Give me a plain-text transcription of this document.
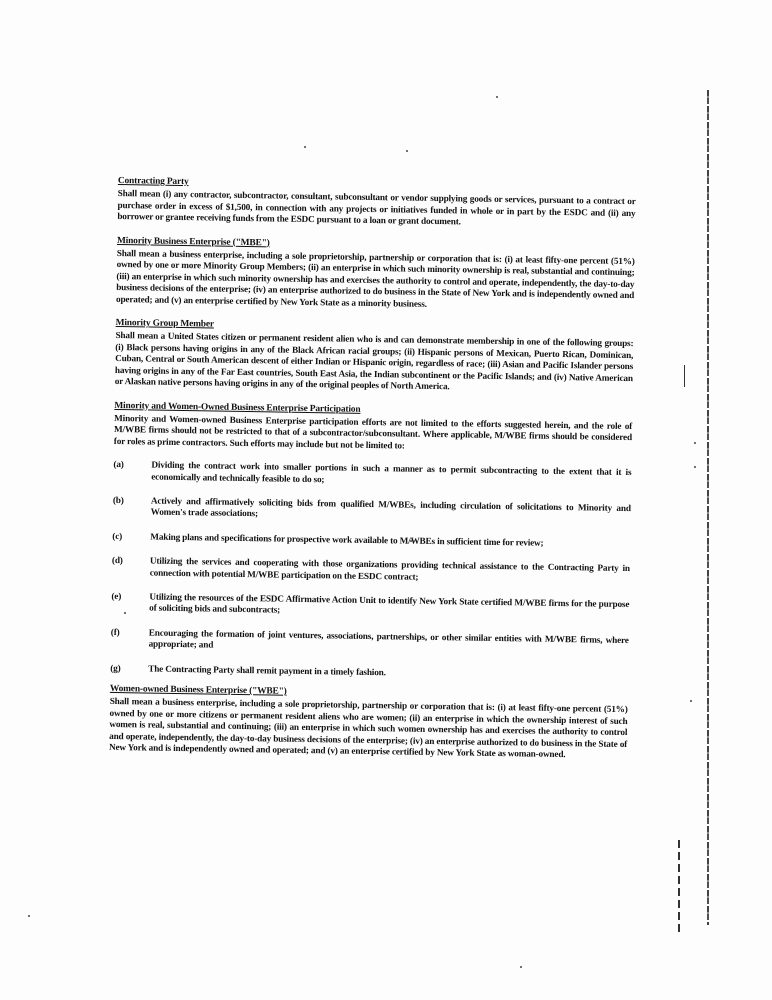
Contracting Party
Shall mean (i) any contractor, subcontractor, consultant, subconsultant or vendor supplying goods or services, pursuant to a contract or purchase order in excess of $1,500, in connection with any projects or initiatives funded in whole or in part by the ESDC and (ii) any borrower or grantee receiving funds from the ESDC pursuant to a loan or grant document.
Minority Business Enterprise ("MBE")
Shall mean a business enterprise, including a sole proprietorship, partnership or corporation that is: (i) at least fifty-one percent (51%) owned by one or more Minority Group Members; (ii) an enterprise in which such minority ownership is real, substantial and continuing; (iii) an enterprise in which such minority ownership has and exercises the authority to control and operate, independently, the day-to-day business decisions of the enterprise; (iv) an enterprise authorized to do business in the State of New York and is independently owned and operated; and (v) an enterprise certified by New York State as a minority business.
Minority Group Member
Shall mean a United States citizen or permanent resident alien who is and can demonstrate membership in one of the following groups: (i) Black persons having origins in any of the Black African racial groups; (ii) Hispanic persons of Mexican, Puerto Rican, Dominican, Cuban, Central or South American descent of either Indian or Hispanic origin, regardless of race; (iii) Asian and Pacific Islander persons having origins in any of the Far East countries, South East Asia, the Indian subcontinent or the Pacific Islands; and (iv) Native American or Alaskan native persons having origins in any of the original peoples of North America.
Minority and Women-Owned Business Enterprise Participation
Minority and Women-owned Business Enterprise participation efforts are not limited to the efforts suggested herein, and the role of M/WBE firms should not be restricted to that of a subcontractor/subconsultant. Where applicable, M/WBE firms should be considered for roles as prime contractors. Such efforts may include but not be limited to:
(a)	Dividing the contract work into smaller portions in such a manner as to permit subcontracting to the extent that it is economically and technically feasible to do so;
(b)	Actively and affirmatively soliciting bids from qualified M/WBEs, including circulation of solicitations to Minority and Women's trade associations;
(c)	Making plans and specifications for prospective work available to M/WBEs in sufficient time for review;
(d)	Utilizing the services and cooperating with those organizations providing technical assistance to the Contracting Party in connection with potential M/WBE participation on the ESDC contract;
(e)	Utilizing the resources of the ESDC Affirmative Action Unit to identify New York State certified M/WBE firms for the purpose of soliciting bids and subcontracts;
(f)	Encouraging the formation of joint ventures, associations, partnerships, or other similar entities with M/WBE firms, where appropriate; and
(g)	The Contracting Party shall remit payment in a timely fashion.
Women-owned Business Enterprise ("WBE")
Shall mean a business enterprise, including a sole proprietorship, partnership or corporation that is: (i) at least fifty-one percent (51%) owned by one or more citizens or permanent resident aliens who are women; (ii) an enterprise in which the ownership interest of such women is real, substantial and continuing; (iii) an enterprise in which such women ownership has and exercises the authority to control and operate, independently, the day-to-day business decisions of the enterprise; (iv) an enterprise authorized to do business in the State of New York and is independently owned and operated; and (v) an enterprise certified by New York State as woman-owned.
